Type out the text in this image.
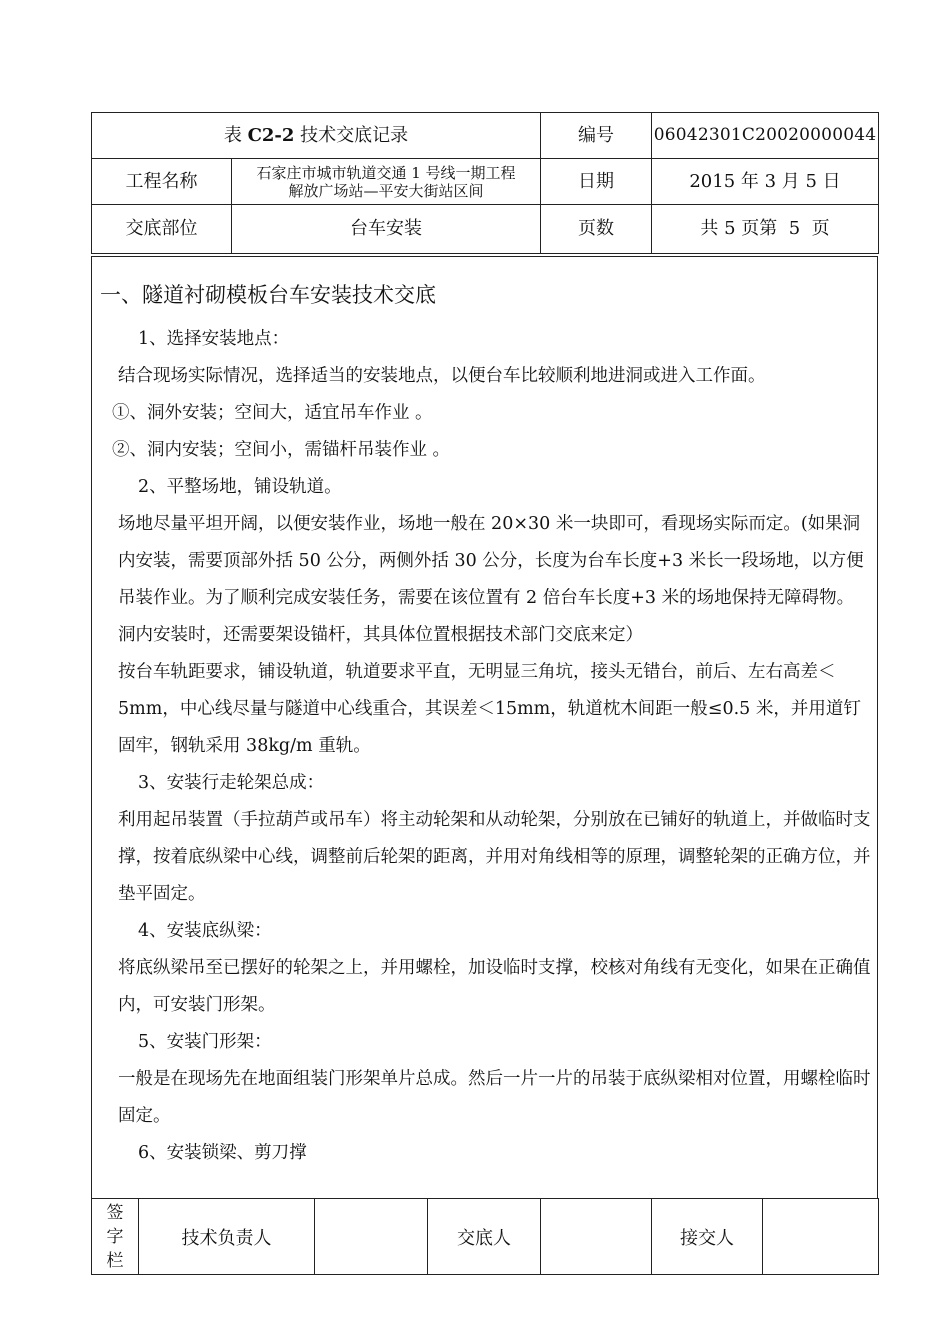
表 C2-2 技术交底记录		编号	06042301C20020000044
工程名称	石家庄市城市轨道交通 1 号线一期工程
解放广场站—平安大街站区间	日期	2015 年 3 月 5 日
交底部位	台车安装	页数	共 5 页第  5  页

一、隧道衬砌模板台车安装技术交底

1、选择安装地点：

结合现场实际情况，选择适当的安装地点，以便台车比较顺利地进洞或进入工作面。

①、洞外安装；空间大，适宜吊车作业 。

②、洞内安装；空间小，需锚杆吊装作业 。

2、平整场地，铺设轨道。

场地尽量平坦开阔，以便安装作业，场地一般在 20×30 米一块即可，看现场实际而定。(如果洞内安装，需要顶部外括 50 公分，两侧外括 30 公分，长度为台车长度+3 米长一段场地，以方便吊装作业。为了顺利完成安装任务，需要在该位置有 2 倍台车长度+3 米的场地保持无障碍物。洞内安装时，还需要架设锚杆，其具体位置根据技术部门交底来定）

按台车轨距要求，铺设轨道，轨道要求平直，无明显三角坑，接头无错台，前后、左右高差＜5mm，中心线尽量与隧道中心线重合，其误差＜15mm，轨道枕木间距一般≤0.5 米，并用道钉固牢，钢轨采用 38kg/m 重轨。

3、安装行走轮架总成：

利用起吊装置（手拉葫芦或吊车）将主动轮架和从动轮架，分别放在已铺好的轨道上，并做临时支撑，按着底纵梁中心线，调整前后轮架的距离，并用对角线相等的原理，调整轮架的正确方位，并垫平固定。

4、安装底纵梁：

将底纵梁吊至已摆好的轮架之上，并用螺栓，加设临时支撑，校核对角线有无变化，如果在正确值内，可安装门形架。

5、安装门形架：

一般是在现场先在地面组装门形架单片总成。然后一片一片的吊装于底纵梁相对位置，用螺栓临时固定。

6、安装锁梁、剪刀撑

签
字
栏
	技术负责人		交底人		接交人	
